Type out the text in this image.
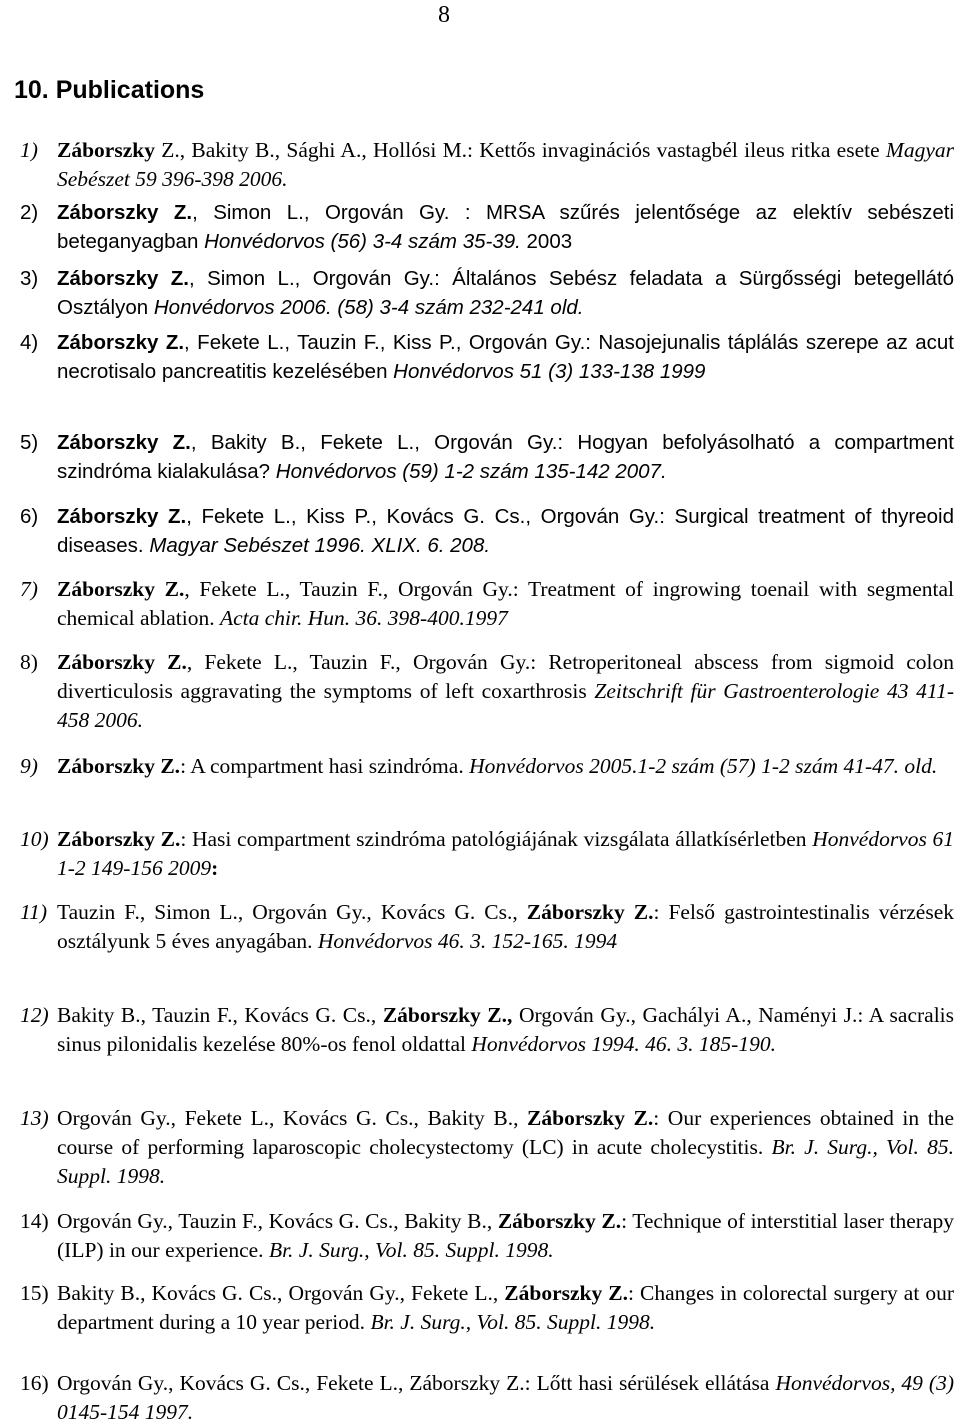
8
10. Publications
1) Záborszky Z., Bakity B., Sághi A., Hollósi M.: Kettős invaginációs vastagbél ileus ritka esete Magyar Sebészet 59 396-398 2006.
2) Záborszky Z., Simon L., Orgován Gy. : MRSA szűrés jelentősége az elektív sebészeti beteganyagban Honvédorvos (56) 3-4 szám 35-39. 2003
3) Záborszky Z., Simon L., Orgován Gy.: Általános Sebész feladata a Sürgősségi betegellátó Osztályon Honvédorvos 2006. (58) 3-4 szám 232-241 old.
4) Záborszky Z., Fekete L., Tauzin F., Kiss P., Orgován Gy.: Nasojejunalis táplálás szerepe az acut necrotisalo pancreatitis kezelésében Honvédorvos 51 (3) 133-138 1999
5) Záborszky Z., Bakity B., Fekete L., Orgován Gy.: Hogyan befolyásolható a compartment szindróma kialakulása? Honvédorvos (59) 1-2 szám 135-142 2007.
6) Záborszky Z., Fekete L., Kiss P., Kovács G. Cs., Orgován Gy.: Surgical treatment of thyreoid diseases. Magyar Sebészet 1996. XLIX. 6. 208.
7) Záborszky Z., Fekete L., Tauzin F., Orgován Gy.: Treatment of ingrowing toenail with segmental chemical ablation. Acta chir. Hun. 36. 398-400.1997
8) Záborszky Z., Fekete L., Tauzin F., Orgován Gy.: Retroperitoneal abscess from sigmoid colon diverticulosis aggravating the symptoms of left coxarthrosis Zeitschrift für Gastroenterologie 43 411-458 2006.
9) Záborszky Z.: A compartment hasi szindróma. Honvédorvos 2005.1-2 szám (57) 1-2 szám 41-47. old.
10) Záborszky Z.: Hasi compartment szindróma patológiájának vizsgálata állatkísérletben Honvédorvos 61 1-2 149-156 2009:
11) Tauzin F., Simon L., Orgován Gy., Kovács G. Cs., Záborszky Z.: Felső gastrointestinalis vérzések osztályunk 5 éves anyagában. Honvédorvos 46. 3. 152-165. 1994
12) Bakity B., Tauzin F., Kovács G. Cs., Záborszky Z., Orgován Gy., Gachályi A., Naményi J.: A sacralis sinus pilonidalis kezelése 80%-os fenol oldattal Honvédorvos 1994. 46. 3. 185-190.
13) Orgován Gy., Fekete L., Kovács G. Cs., Bakity B., Záborszky Z.: Our experiences obtained in the course of performing laparoscopic cholecystectomy (LC) in acute cholecystitis. Br. J. Surg., Vol. 85. Suppl. 1998.
14) Orgován Gy., Tauzin F., Kovács G. Cs., Bakity B., Záborszky Z.: Technique of interstitial laser therapy (ILP) in our experience. Br. J. Surg., Vol. 85. Suppl. 1998.
15) Bakity B., Kovács G. Cs., Orgován Gy., Fekete L., Záborszky Z.: Changes in colorectal surgery at our department during a 10 year period. Br. J. Surg., Vol. 85. Suppl. 1998.
16) Orgován Gy., Kovács G. Cs., Fekete L., Záborszky Z.: Lőtt hasi sérülések ellátása Honvédorvos, 49 (3) 0145-154 1997.
